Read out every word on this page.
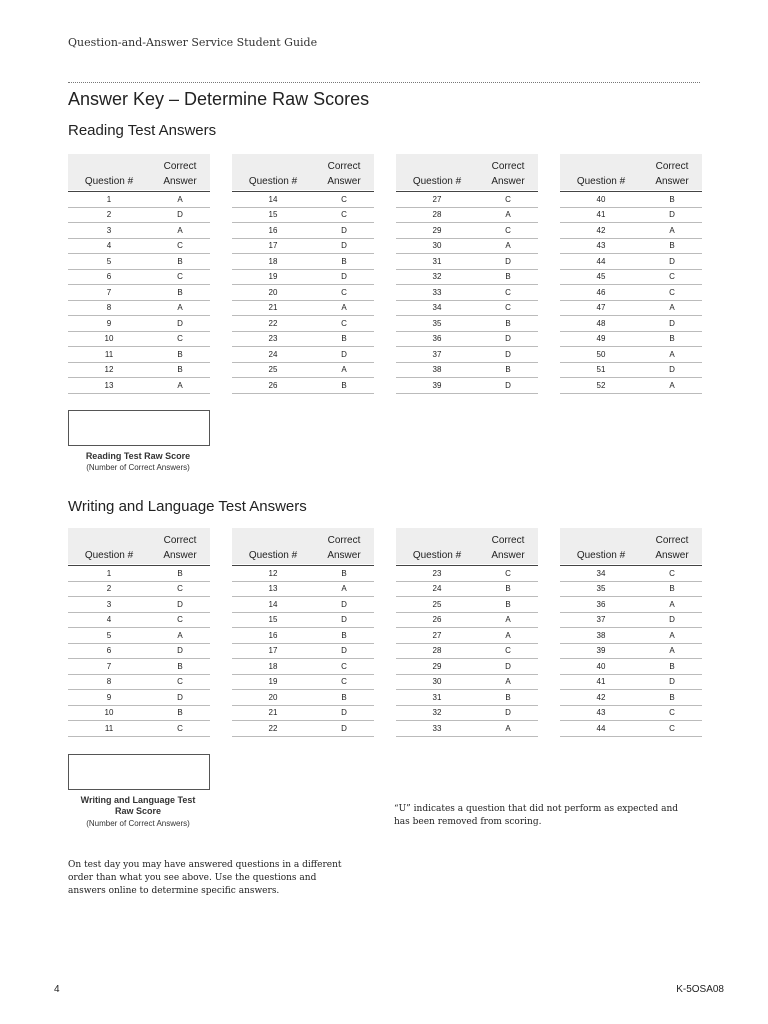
Question-and-Answer Service Student Guide
Answer Key – Determine Raw Scores
Reading Test Answers
Question #	Correct
Answer

1	A
2	D
3	A
4	C
5	B
6	C
7	B
8	A
9	D
10	C
11	B
12	B
13	A
Question #	Correct
Answer

14	C
15	C
16	D
17	D
18	B
19	D
20	C
21	A
22	C
23	B
24	D
25	A
26	B
Question #	Correct
Answer

27	C
28	A
29	C
30	A
31	D
32	B
33	C
34	C
35	B
36	D
37	D
38	B
39	D
Question #	Correct
Answer

40	B
41	D
42	A
43	B
44	D
45	C
46	C
47	A
48	D
49	B
50	A
51	D
52	A
Reading Test Raw Score
(Number of Correct Answers)
Writing and Language Test Answers
Question #	Correct
Answer

1	B
2	C
3	D
4	C
5	A
6	D
7	B
8	C
9	D
10	B
11	C
Question #	Correct
Answer

12	B
13	A
14	D
15	D
16	B
17	D
18	C
19	C
20	B
21	D
22	D
Question #	Correct
Answer

23	C
24	B
25	B
26	A
27	A
28	C
29	D
30	A
31	B
32	D
33	A
Question #	Correct
Answer

34	C
35	B
36	A
37	D
38	A
39	A
40	B
41	D
42	B
43	C
44	C
Writing and Language Test
Raw Score
(Number of Correct Answers)
“U” indicates a question that did not perform as expected and
has been removed from scoring.
On test day you may have answered questions in a different
order than what you see above. Use the questions and
answers online to determine specific answers.
4	K-5OSA08
